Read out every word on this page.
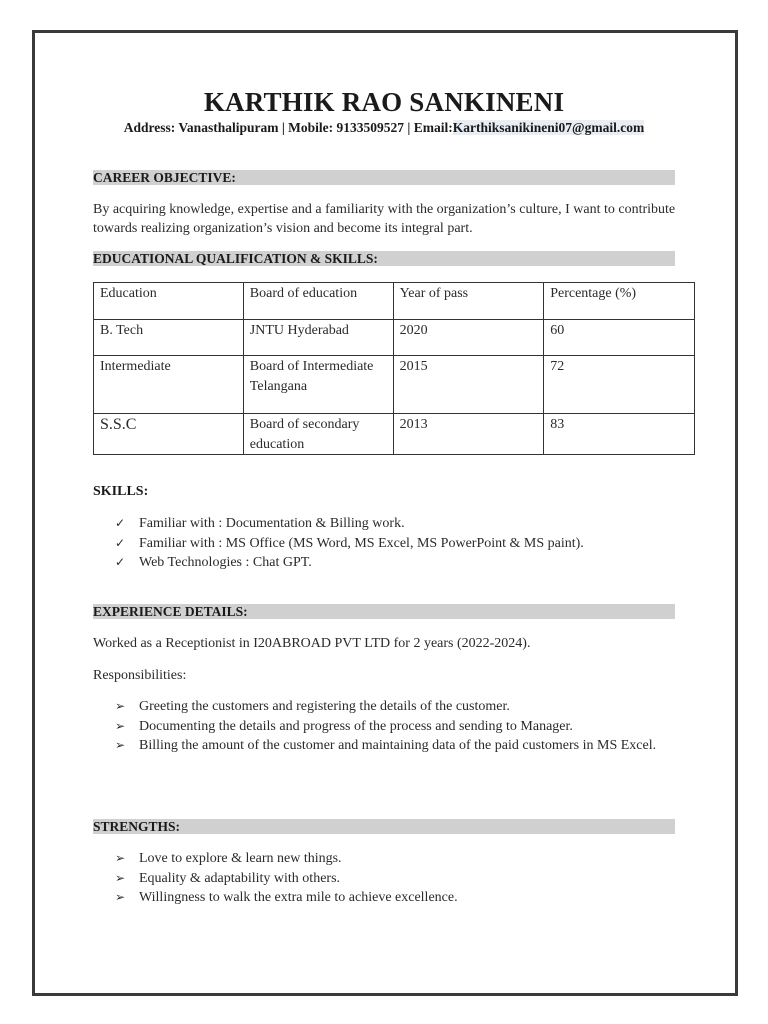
KARTHIK RAO SANKINENI
Address: Vanasthalipuram | Mobile: 9133509527 | Email:Karthiksanikineni07@gmail.com
CAREER OBJECTIVE:
By acquiring knowledge, expertise and a familiarity with the organization’s culture, I want to contribute towards realizing organization’s vision and become its integral part.
EDUCATIONAL QUALIFICATION & SKILLS:
Education	Board of education	Year of pass	Percentage (%)
B. Tech	JNTU Hyderabad	2020	60
Intermediate	Board of Intermediate Telangana	2015	72
S.S.C	Board of secondary education	2013	83
SKILLS:
✓ Familiar with : Documentation & Billing work.
✓ Familiar with : MS Office (MS Word, MS Excel, MS PowerPoint & MS paint).
✓ Web Technologies : Chat GPT.
EXPERIENCE DETAILS:
Worked as a Receptionist in I20ABROAD PVT LTD for 2 years (2022-2024).
Responsibilities:
➢ Greeting the customers and registering the details of the customer.
➢ Documenting the details and progress of the process and sending to Manager.
➢ Billing the amount of the customer and maintaining data of the paid customers in MS Excel.
STRENGTHS:
➢ Love to explore & learn new things.
➢ Equality & adaptability with others.
➢ Willingness to walk the extra mile to achieve excellence.
